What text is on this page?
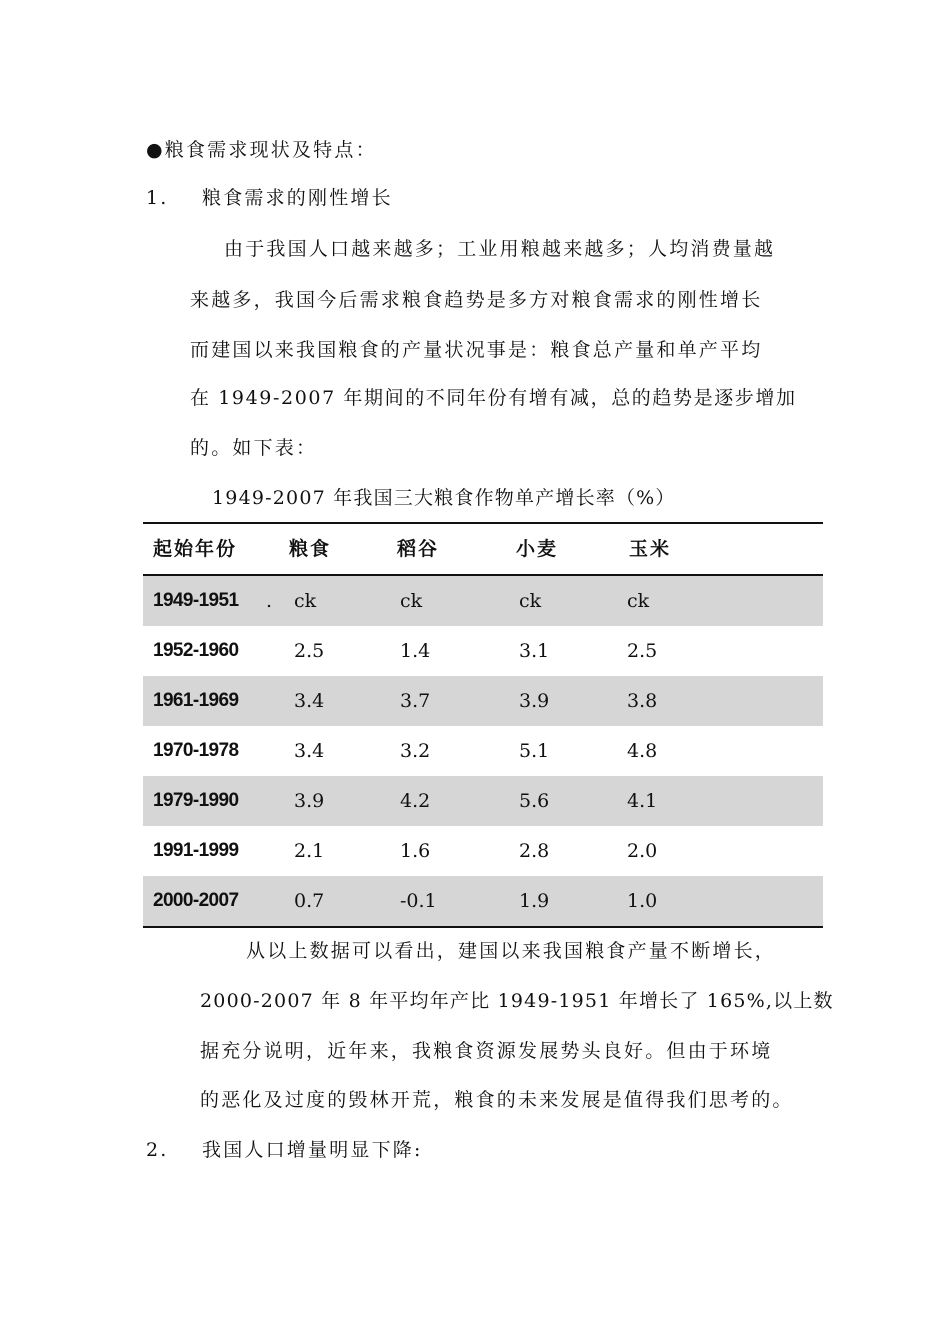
●粮食需求现状及特点：
1. 粮食需求的刚性增长
由于我国人口越来越多；工业用粮越来越多；人均消费量越
来越多，我国今后需求粮食趋势是多方对粮食需求的刚性增长
而建国以来我国粮食的产量状况事是：粮食总产量和单产平均
在 1949-2007 年期间的不同年份有增有减，总的趋势是逐步增加
的。如下表：
1949-2007 年我国三大粮食作物单产增长率（%）
起始年份	粮食	稻谷	小麦	玉米
1949-1951 . ck	ck	ck	ck
1952-1960	2.5	1.4	3.1	2.5
1961-1969	3.4	3.7	3.9	3.8
1970-1978	3.4	3.2	5.1	4.8
1979-1990	3.9	4.2	5.6	4.1
1991-1999	2.1	1.6	2.8	2.0
2000-2007	0.7	-0.1	1.9	1.0
从以上数据可以看出，建国以来我国粮食产量不断增长，
2000-2007 年 8 年平均年产比 1949-1951 年增长了 165%,以上数
据充分说明，近年来，我粮食资源发展势头良好。但由于环境
的恶化及过度的毁林开荒，粮食的未来发展是值得我们思考的。
2. 我国人口增量明显下降:
